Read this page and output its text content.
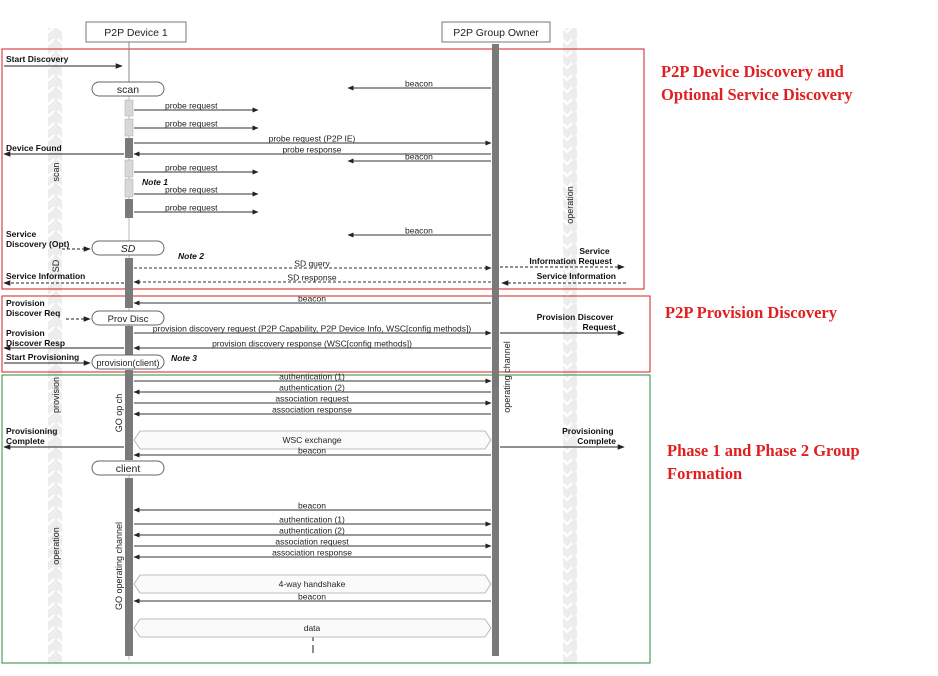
P2P Device 1	P2P Group Owner
scan
SD
Prov Disc
provision(client)
client
scan
SD
provision
operation
GO op ch
GO operating channel
operating channel
operation
Note 1
Note 2
Note 3
P2P Device Discovery and Optional Service Discovery
P2P Provision Discovery
Phase 1 and Phase 2 Group Formation
Start Discovery
Device Found
Service Discovery (Opt)
Service Information
Provision Discover Req
Provision Discover Resp
Start Provisioning
Provisioning Complete
Service Information Request
Service Information
Provision Discover Request
Provisioning Complete
beacon
probe request
probe request
probe request (P2P IE)
probe response
beacon
probe request
probe request
probe request
beacon
SD query
SD response
beacon
provision discovery request (P2P Capability, P2P Device Info, WSC[config methods])
provision discovery response (WSC[config methods])
authentication (1)
authentication (2)
association request
association response
WSC exchange
beacon
beacon
authentication (1)
authentication (2)
association request
association response
4-way handshake
beacon
data
